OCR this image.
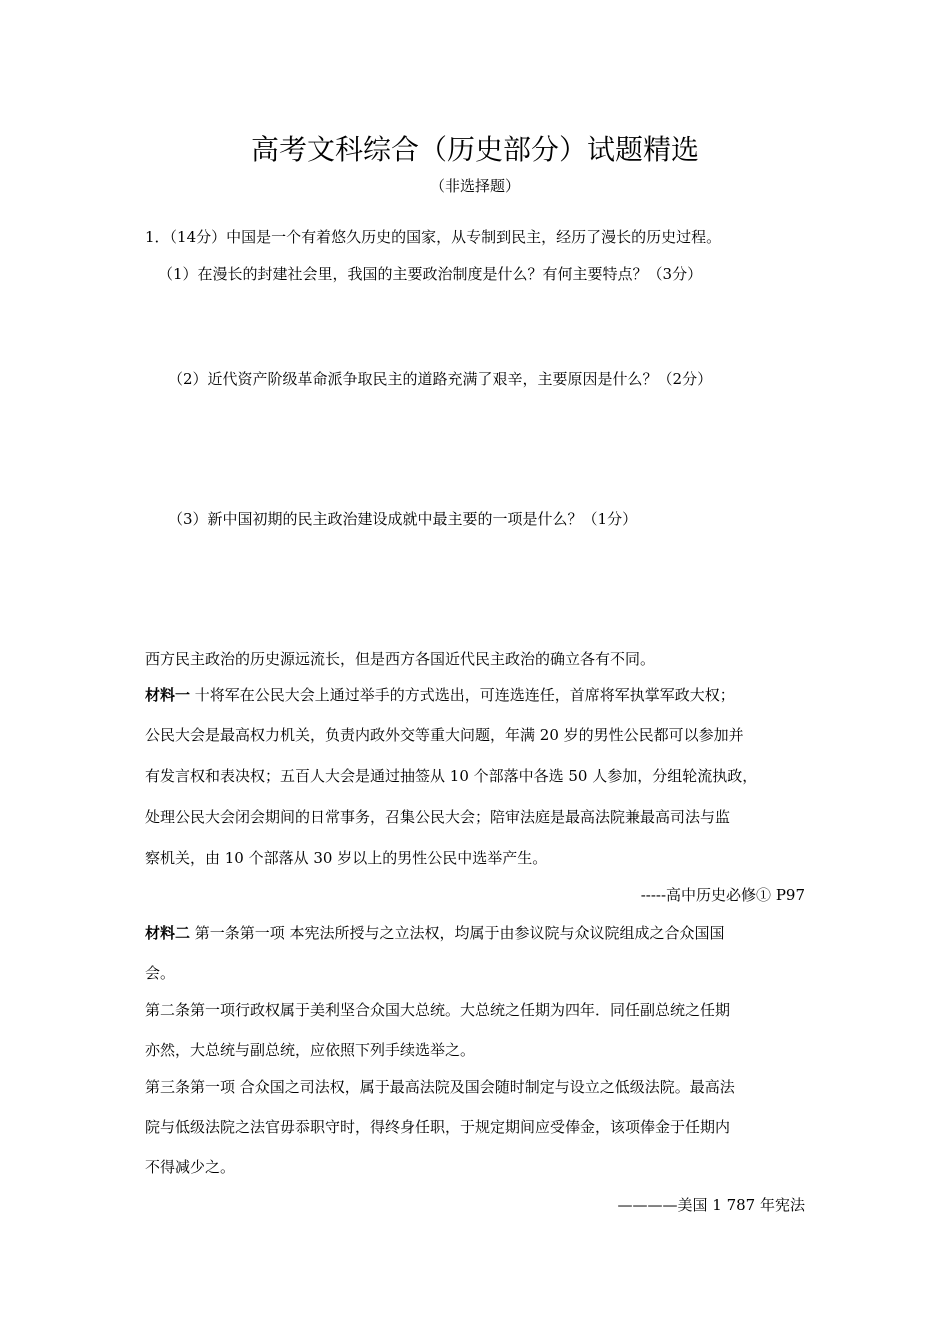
高考文科综合（历史部分）试题精选

（非选择题）

1．（14分）中国是一个有着悠久历史的国家，从专制到民主，经历了漫长的历史过程。
（1）在漫长的封建社会里，我国的主要政治制度是什么？有何主要特点？（3分）
（2）近代资产阶级革命派争取民主的道路充满了艰辛，主要原因是什么？（2分）
（3）新中国初期的民主政治建设成就中最主要的一项是什么？（1分）
西方民主政治的历史源远流长，但是西方各国近代民主政治的确立各有不同。
材料一 十将军在公民大会上通过举手的方式选出，可连选连任，首席将军执掌军政大权；
公民大会是最高权力机关，负责内政外交等重大问题，年满 20 岁的男性公民都可以参加并
有发言权和表决权；五百人大会是通过抽签从 10 个部落中各选 50 人参加，分组轮流执政，
处理公民大会闭会期间的日常事务，召集公民大会；陪审法庭是最高法院兼最高司法与监
察机关，由 10 个部落从 30 岁以上的男性公民中选举产生。
-----高中历史必修① P97
材料二 第一条第一项 本宪法所授与之立法权，均属于由参议院与众议院组成之合众国国
会。
第二条第一项行政权属于美利坚合众国大总统。大总统之任期为四年．同任副总统之任期
亦然，大总统与副总统，应依照下列手续选举之。
第三条第一项 合众国之司法权，属于最高法院及国会随时制定与设立之低级法院。最高法
院与低级法院之法官毋忝职守时，得终身任职，于规定期间应受俸金，该项俸金于任期内
不得减少之。
————美国 1 787 年宪法
